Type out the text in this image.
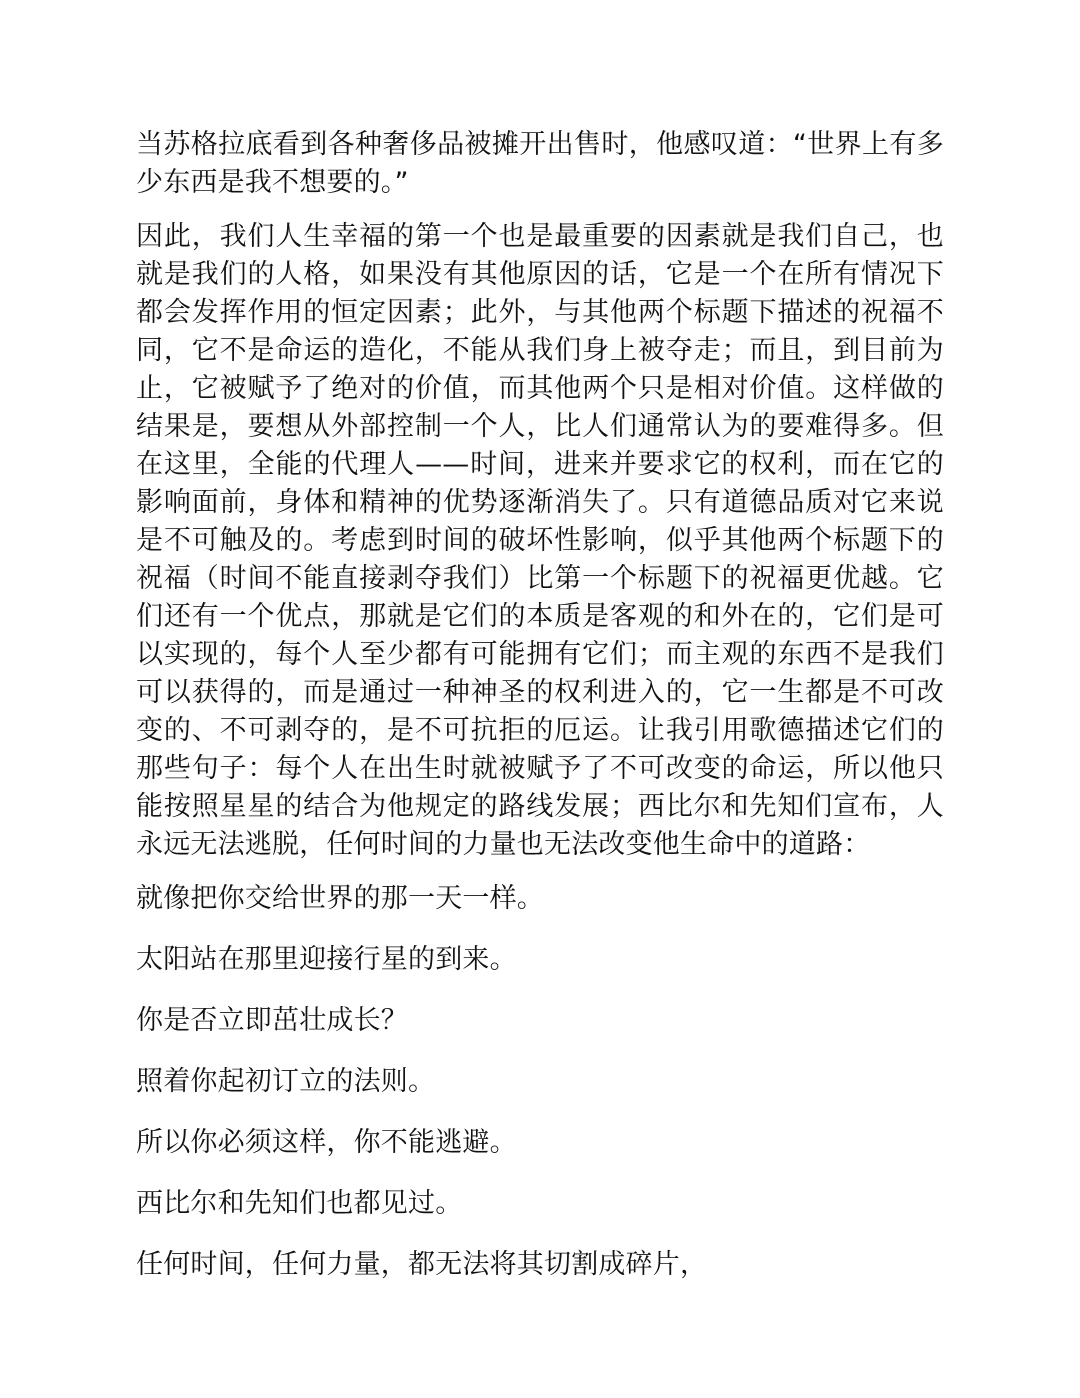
当苏格拉底看到各种奢侈品被摊开出售时，他感叹道：“世界上有多少东西是我不想要的。”

因此，我们人生幸福的第一个也是最重要的因素就是我们自己，也就是我们的人格，如果没有其他原因的话，它是一个在所有情况下都会发挥作用的恒定因素；此外，与其他两个标题下描述的祝福不同，它不是命运的造化，不能从我们身上被夺走；而且，到目前为止，它被赋予了绝对的价值，而其他两个只是相对价值。这样做的结果是，要想从外部控制一个人，比人们通常认为的要难得多。但在这里，全能的代理人——时间，进来并要求它的权利，而在它的影响面前，身体和精神的优势逐渐消失了。只有道德品质对它来说是不可触及的。考虑到时间的破坏性影响，似乎其他两个标题下的祝福（时间不能直接剥夺我们）比第一个标题下的祝福更优越。它们还有一个优点，那就是它们的本质是客观的和外在的，它们是可以实现的，每个人至少都有可能拥有它们；而主观的东西不是我们可以获得的，而是通过一种神圣的权利进入的，它一生都是不可改变的、不可剥夺的，是不可抗拒的厄运。让我引用歌德描述它们的那些句子：每个人在出生时就被赋予了不可改变的命运，所以他只能按照星星的结合为他规定的路线发展；西比尔和先知们宣布，人永远无法逃脱，任何时间的力量也无法改变他生命中的道路：

就像把你交给世界的那一天一样。

太阳站在那里迎接行星的到来。

你是否立即茁壮成长？

照着你起初订立的法则。

所以你必须这样，你不能逃避。

西比尔和先知们也都见过。

任何时间，任何力量，都无法将其切割成碎片，
